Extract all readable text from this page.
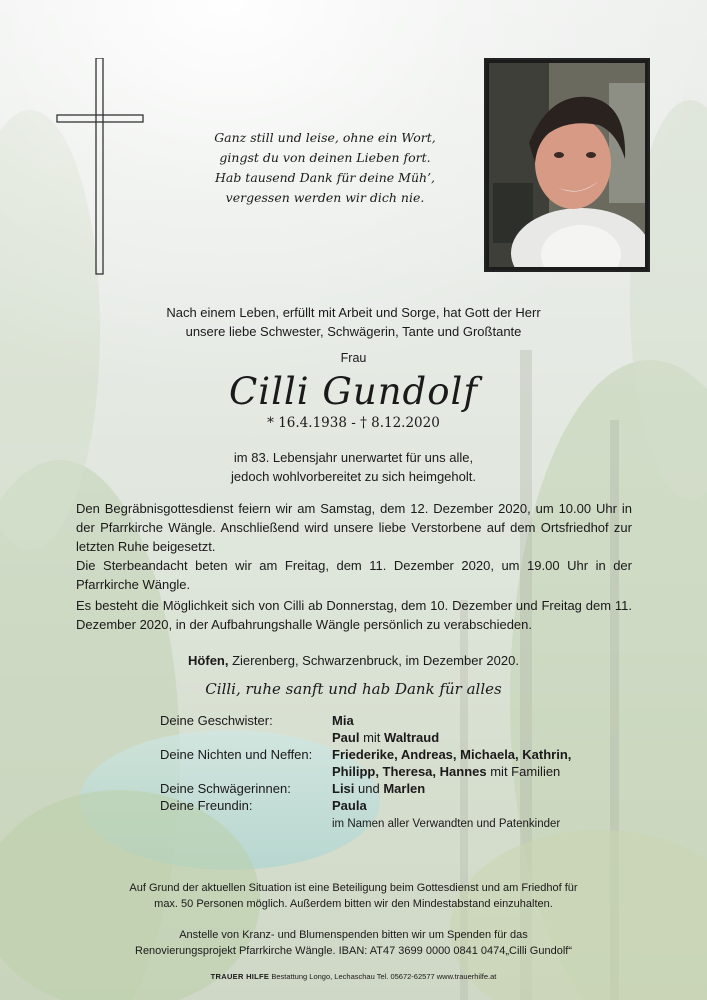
Ganz still und leise, ohne ein Wort,
gingst du von deinen Lieben fort.
Hab tausend Dank für deine Müh’,
vergessen werden wir dich nie.
Nach einem Leben, erfüllt mit Arbeit und Sorge, hat Gott der Herr
unsere liebe Schwester, Schwägerin, Tante und Großtante
Frau
Cilli Gundolf
* 16.4.1938 - † 8.12.2020
im 83. Lebensjahr unerwartet für uns alle,
jedoch wohlvorbereitet zu sich heimgeholt.
Den Begräbnisgottesdienst feiern wir am Samstag, dem 12. Dezember 2020, um 10.00 Uhr in der Pfarrkirche Wängle. Anschließend wird unsere liebe Verstorbene auf dem Ortsfriedhof zur letzten Ruhe beigesetzt.
Die Sterbeandacht beten wir am Freitag, dem 11. Dezember 2020, um 19.00 Uhr in der Pfarrkirche Wängle.
Es besteht die Möglichkeit sich von Cilli ab Donnerstag, dem 10. Dezember und Freitag dem 11. Dezember 2020, in der Aufbahrungshalle Wängle persönlich zu verabschieden.
Höfen, Zierenberg, Schwarzenbruck, im Dezember 2020.
Cilli, ruhe sanft und hab Dank für alles
Deine Geschwister:	Mia
Paul mit Waltraud
Deine Nichten und Neffen:	Friederike, Andreas, Michaela, Kathrin,
Philipp, Theresa, Hannes mit Familien
Deine Schwägerinnen:	Lisi und Marlen
Deine Freundin:	Paula
im Namen aller Verwandten und Patenkinder
Auf Grund der aktuellen Situation ist eine Beteiligung beim Gottesdienst und am Friedhof für
max. 50 Personen möglich. Außerdem bitten wir den Mindestabstand einzuhalten.
Anstelle von Kranz- und Blumenspenden bitten wir um Spenden für das
Renovierungsprojekt Pfarrkirche Wängle. IBAN: AT47 3699 0000 0841 0474„Cilli Gundolf“
TRAUER HILFE Bestattung Longo, Lechaschau Tel. 05672-62577 www.trauerhilfe.at
